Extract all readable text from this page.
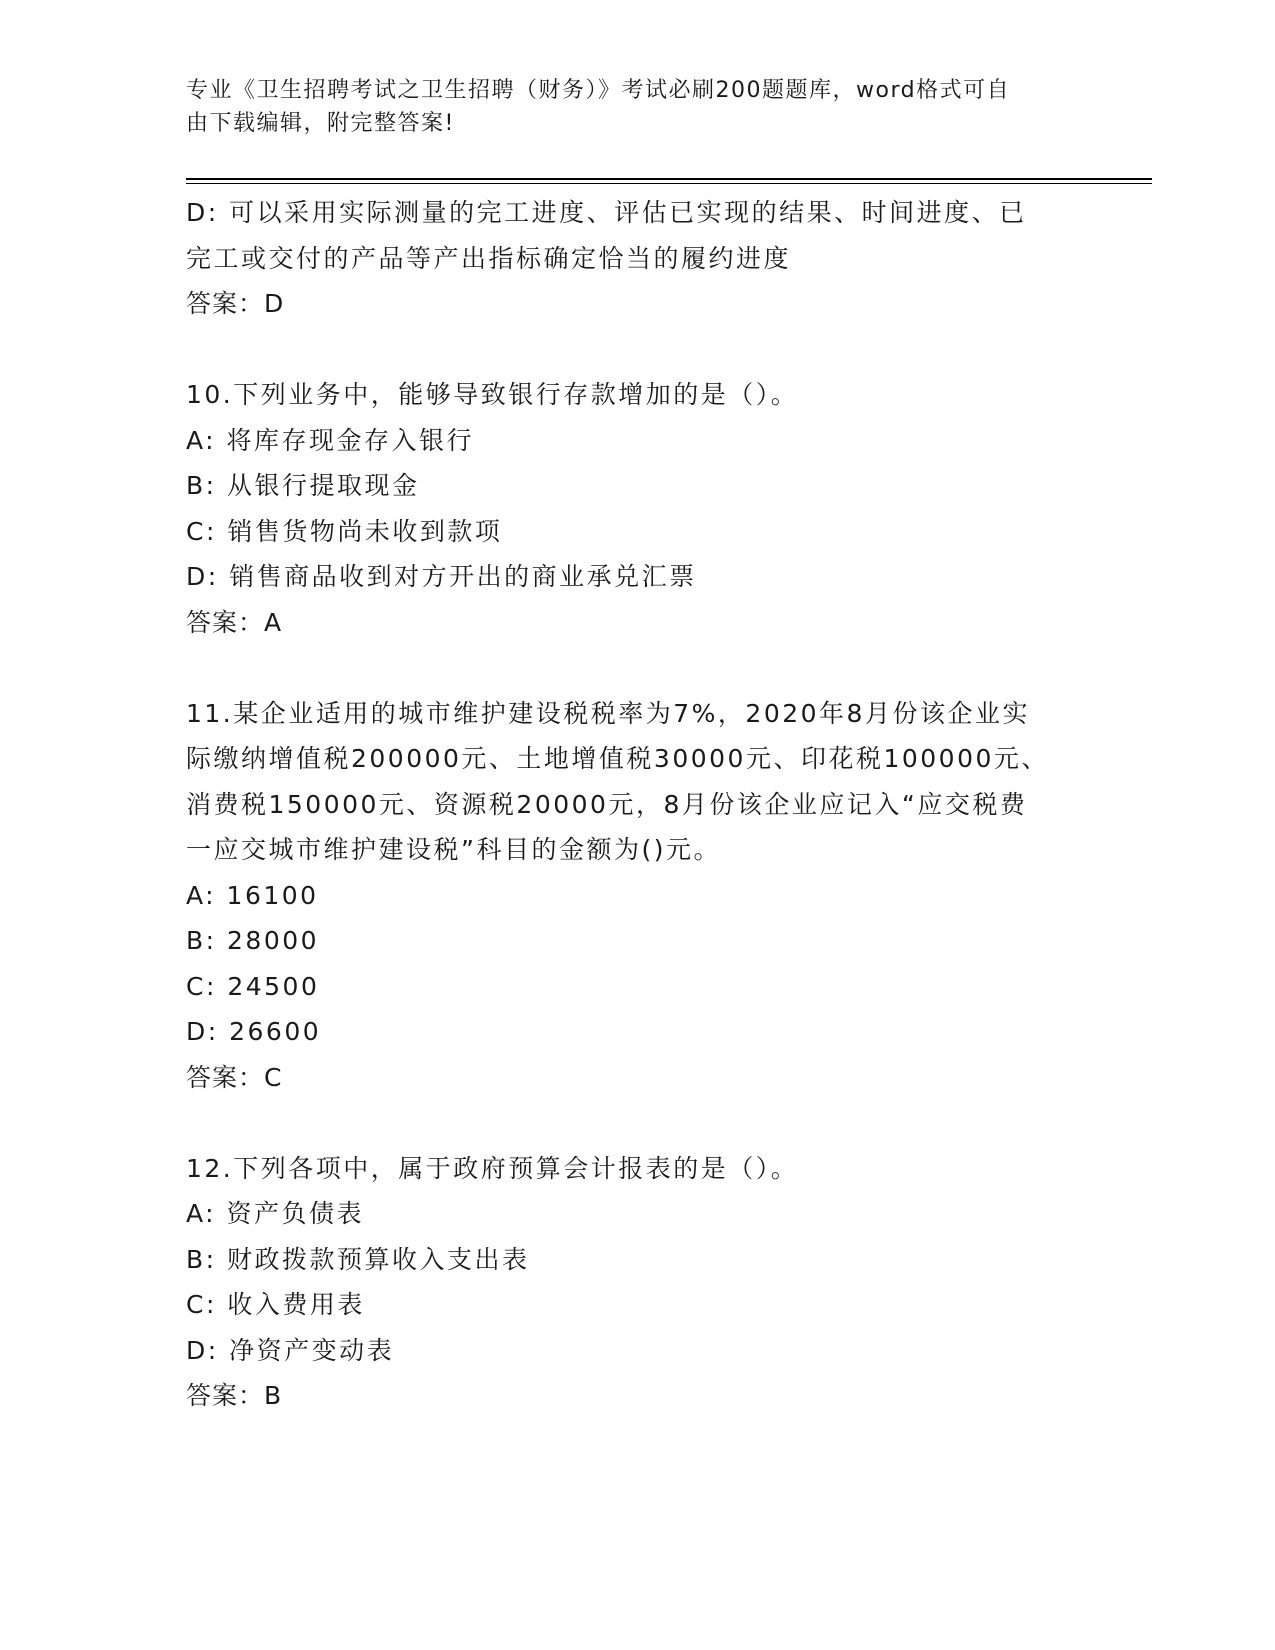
专业《卫生招聘考试之卫生招聘（财务）》考试必刷200题题库，word格式可自
由下载编辑，附完整答案!
D: 可以采用实际测量的完工进度、评估已实现的结果、时间进度、已
完工或交付的产品等产出指标确定恰当的履约进度
答案：D
10.下列业务中，能够导致银行存款增加的是（）。
A: 将库存现金存入银行
B: 从银行提取现金
C: 销售货物尚未收到款项
D: 销售商品收到对方开出的商业承兑汇票
答案：A
11.某企业适用的城市维护建设税税率为7%，2020年8月份该企业实
际缴纳增值税200000元、土地增值税30000元、印花税100000元、
消费税150000元、资源税20000元，8月份该企业应记入“应交税费
一应交城市维护建设税”科目的金额为()元。
A: 16100
B: 28000
C: 24500
D: 26600
答案：C
12.下列各项中，属于政府预算会计报表的是（）。
A: 资产负债表
B: 财政拨款预算收入支出表
C: 收入费用表
D: 净资产变动表
答案：B
